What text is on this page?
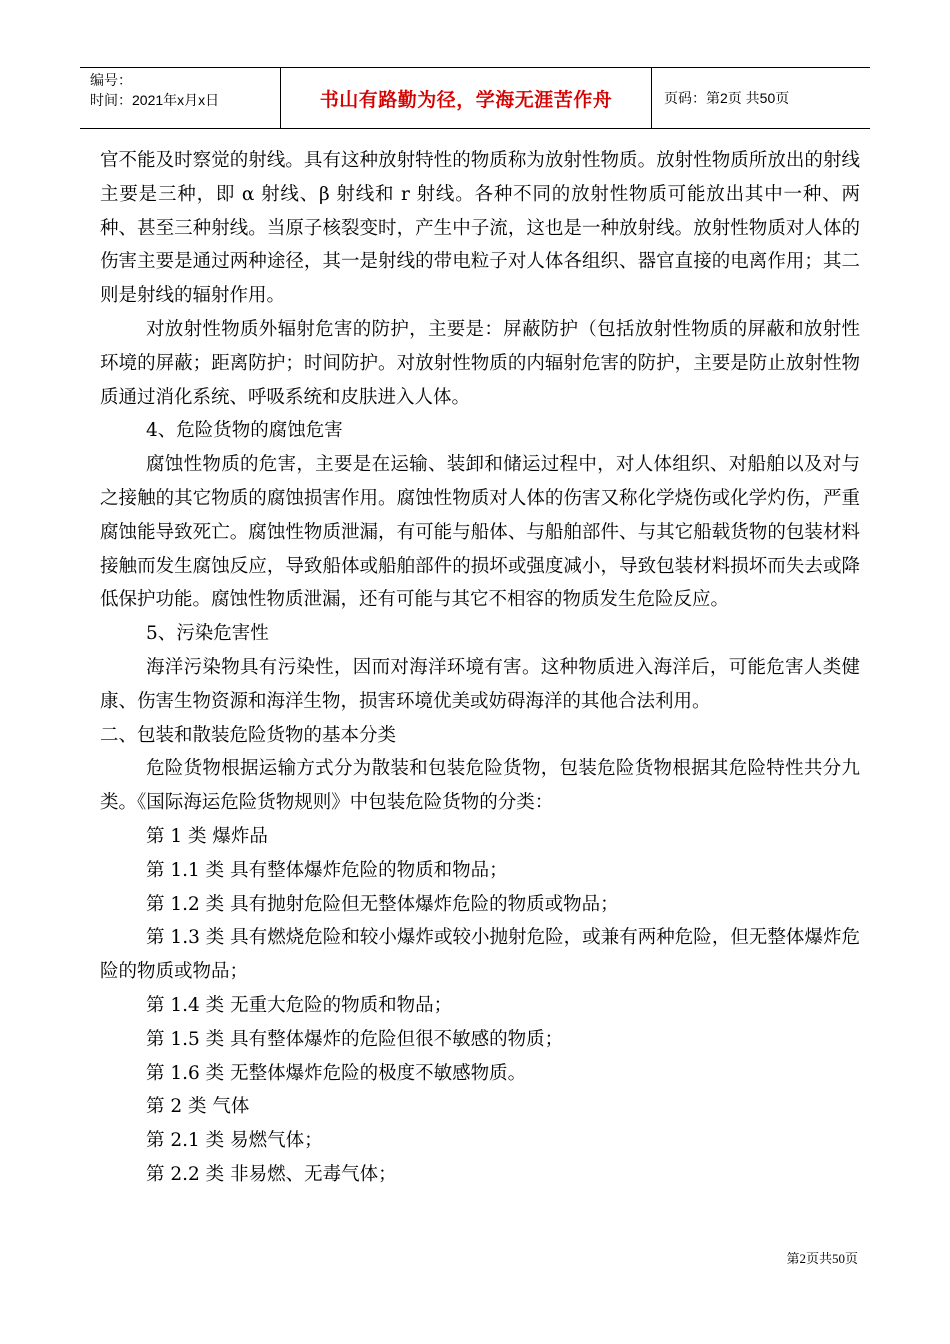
编号：
时间：2021年x月x日	书山有路勤为径，学海无涯苦作舟	页码：第2页 共50页

官不能及时察觉的射线。具有这种放射特性的物质称为放射性物质。放射性物质所放出的射线主要是三种，即 α 射线、β 射线和 r 射线。各种不同的放射性物质可能放出其中一种、两种、甚至三种射线。当原子核裂变时，产生中子流，这也是一种放射线。放射性物质对人体的伤害主要是通过两种途径，其一是射线的带电粒子对人体各组织、器官直接的电离作用；其二则是射线的辐射作用。

对放射性物质外辐射危害的防护，主要是：屏蔽防护（包括放射性物质的屏蔽和放射性环境的屏蔽；距离防护；时间防护。对放射性物质的内辐射危害的防护，主要是防止放射性物质通过消化系统、呼吸系统和皮肤进入人体。

4、危险货物的腐蚀危害

腐蚀性物质的危害，主要是在运输、装卸和储运过程中，对人体组织、对船舶以及对与之接触的其它物质的腐蚀损害作用。腐蚀性物质对人体的伤害又称化学烧伤或化学灼伤，严重腐蚀能导致死亡。腐蚀性物质泄漏，有可能与船体、与船舶部件、与其它船载货物的包装材料接触而发生腐蚀反应，导致船体或船舶部件的损坏或强度减小，导致包装材料损坏而失去或降低保护功能。腐蚀性物质泄漏，还有可能与其它不相容的物质发生危险反应。

5、污染危害性

海洋污染物具有污染性，因而对海洋环境有害。这种物质进入海洋后，可能危害人类健康、伤害生物资源和海洋生物，损害环境优美或妨碍海洋的其他合法利用。

二、包装和散装危险货物的基本分类

危险货物根据运输方式分为散装和包装危险货物，包装危险货物根据其危险特性共分九类。《国际海运危险货物规则》中包装危险货物的分类：

第 1 类 爆炸品

第 1.1 类 具有整体爆炸危险的物质和物品；

第 1.2 类 具有抛射危险但无整体爆炸危险的物质或物品；

第 1.3 类 具有燃烧危险和较小爆炸或较小抛射危险，或兼有两种危险，但无整体爆炸危险的物质或物品；

第 1.4 类 无重大危险的物质和物品；

第 1.5 类 具有整体爆炸的危险但很不敏感的物质；

第 1.6 类 无整体爆炸危险的极度不敏感物质。

第 2 类 气体

第 2.1 类 易燃气体；

第 2.2 类 非易燃、无毒气体；

第2页共50页
